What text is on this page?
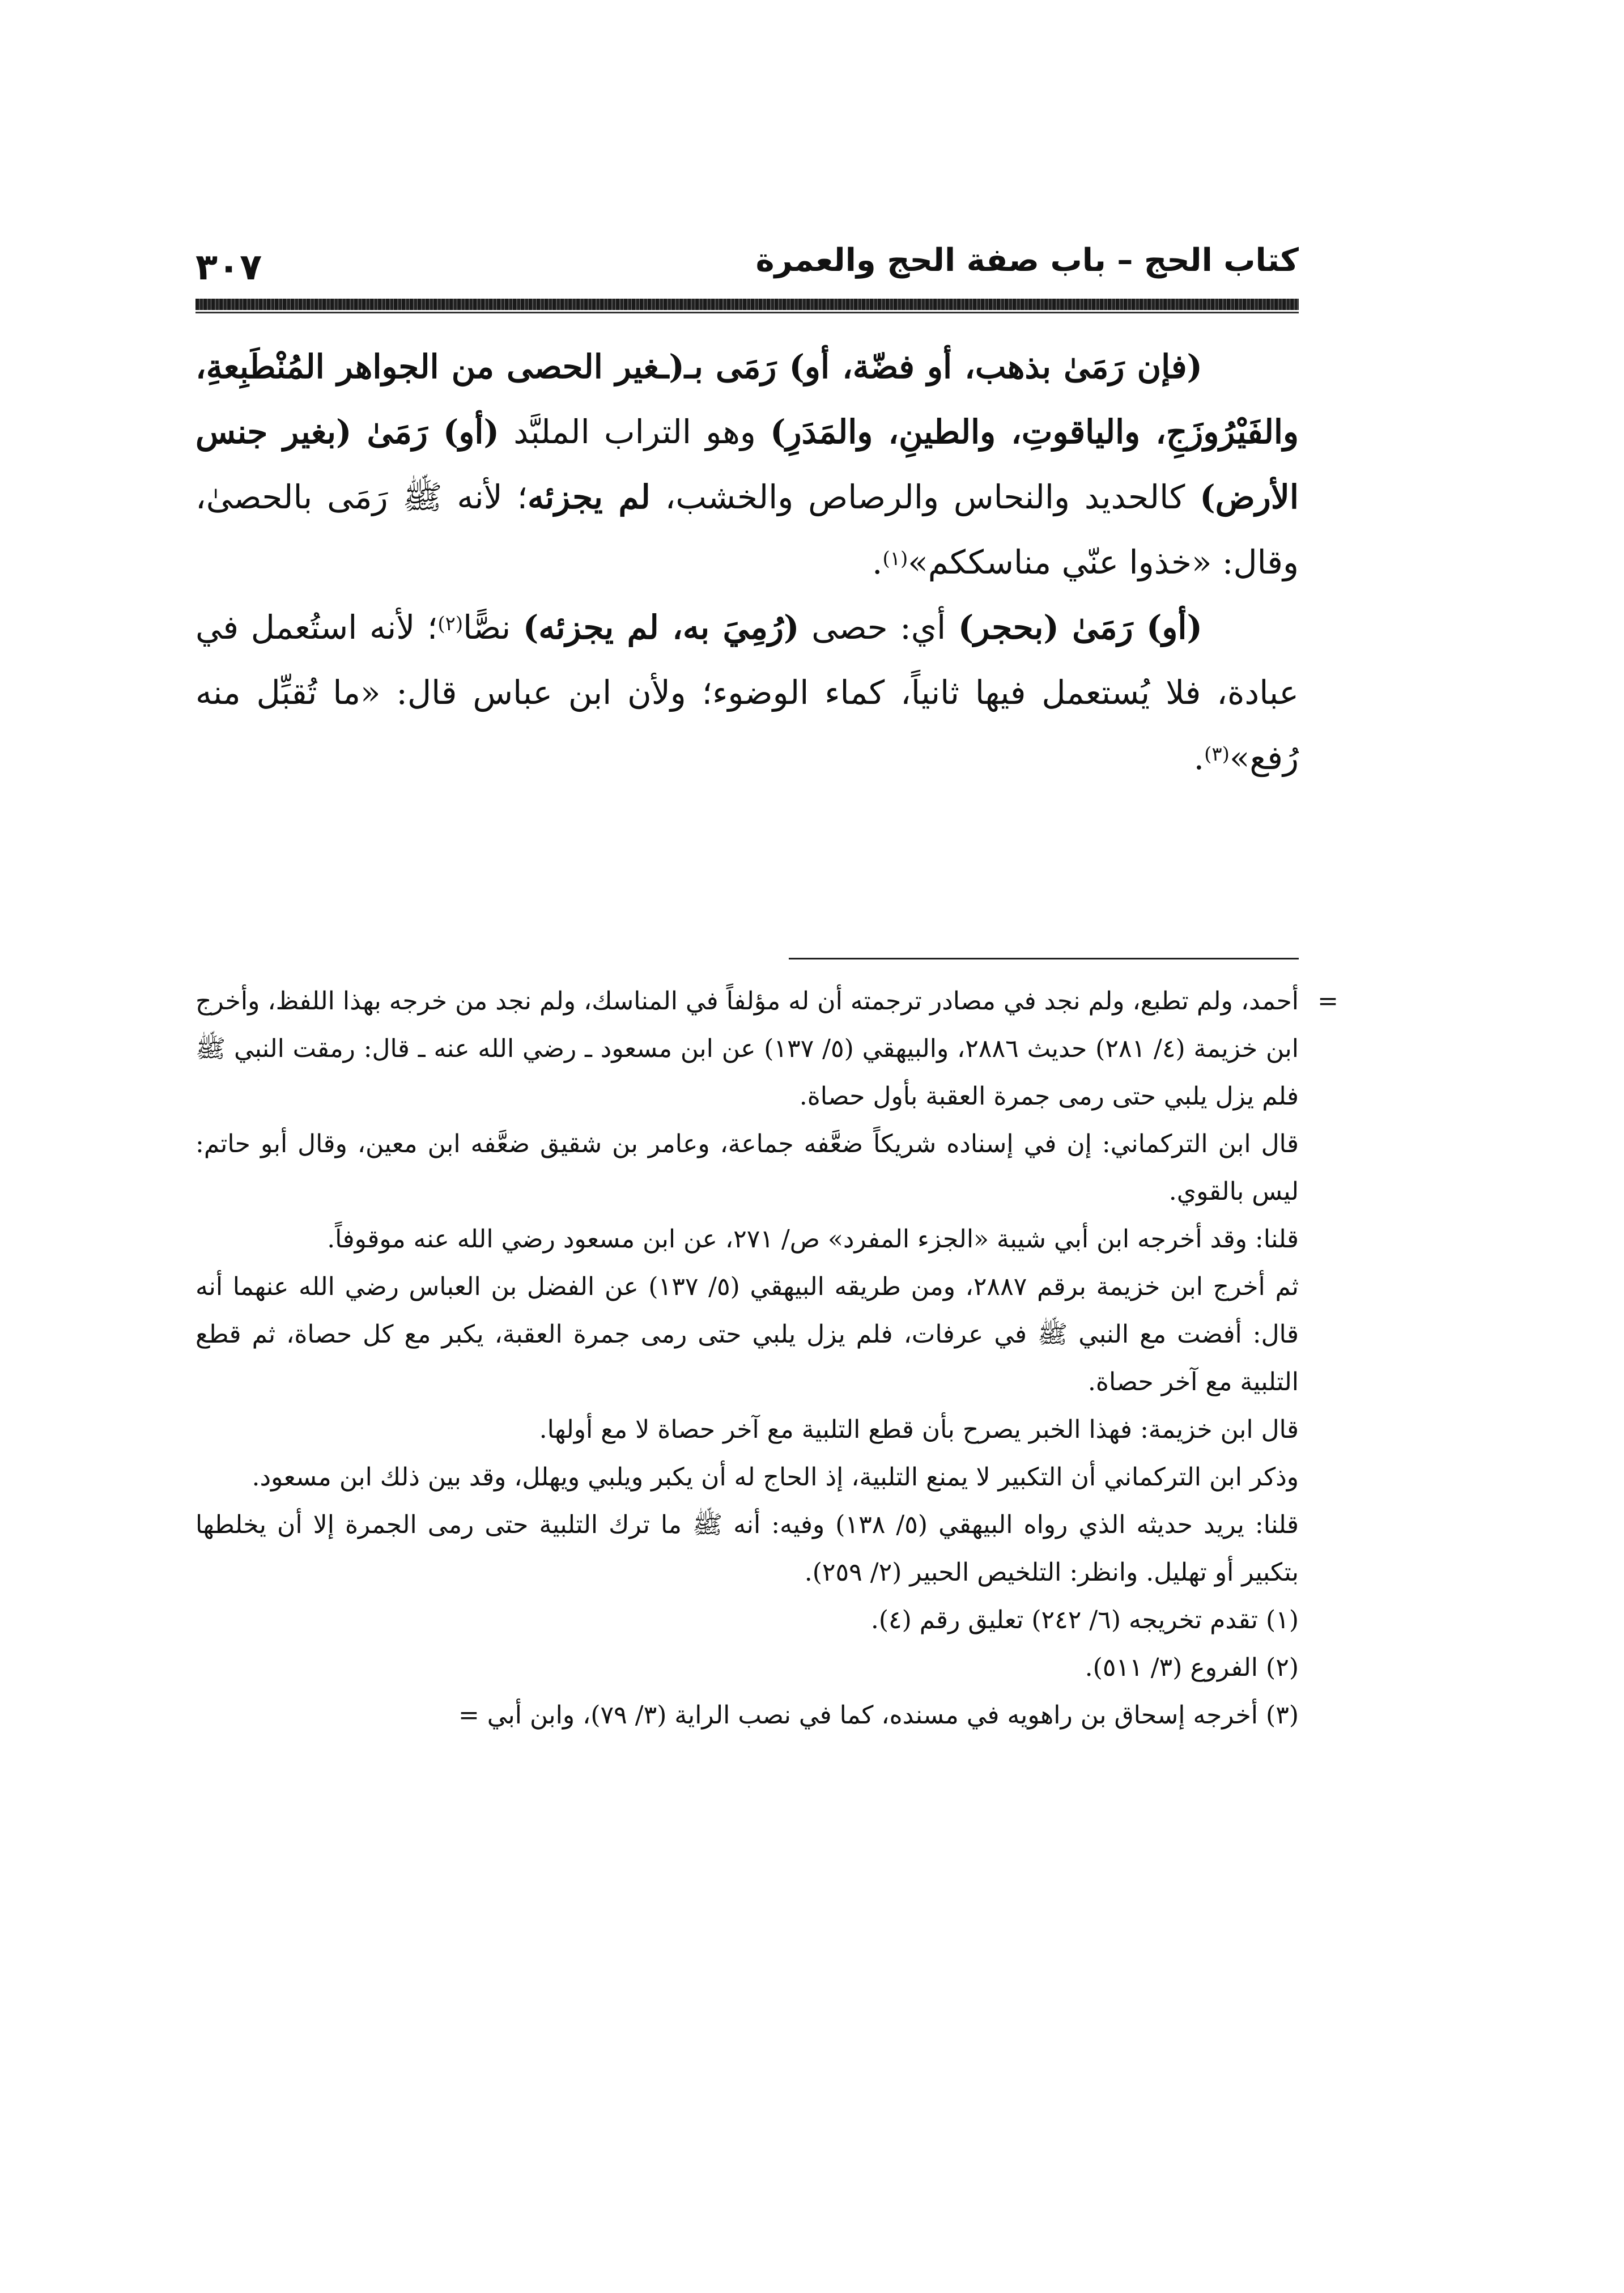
كتاب الحج – باب صفة الحج والعمرة
٣٠٧

(فإن رَمَىٰ بذهب، أو فضّة، أو) رَمَى بـ(ـغير الحصى من الجواهر المُنْطَبِعةِ، والفَيْرُوزَجِ، والياقوتِ، والطينِ، والمَدَرِ) وهو التراب الملبَّد (أو) رَمَىٰ (بغير جنس الأرض) كالحديد والنحاس والرصاص والخشب، لم يجزئه؛ لأنه ﷺ رَمَى بالحصىٰ، وقال: «خذوا عنّي مناسككم»$^{(١)}$.

(أو) رَمَىٰ (بحجر) أي: حصى (رُمِيَ به، لم يجزئه) نصًّا$^{(٢)}$؛ لأنه استُعمل في عبادة، فلا يُستعمل فيها ثانياً، كماء الوضوء؛ ولأن ابن عباس قال: «ما تُقبِّل منه رُفع»$^{(٣)}$.

=

أحمد، ولم تطبع، ولم نجد في مصادر ترجمته أن له مؤلفاً في المناسك، ولم نجد من خرجه بهذا اللفظ، وأخرج ابن خزيمة (٤/ ٢٨١) حديث ٢٨٨٦، والبيهقي (٥/ ١٣٧) عن ابن مسعود ـ رضي الله عنه ـ قال: رمقت النبي ﷺ فلم يزل يلبي حتى رمى جمرة العقبة بأول حصاة.

قال ابن التركماني: إن في إسناده شريكاً ضعَّفه جماعة، وعامر بن شقيق ضعَّفه ابن معين، وقال أبو حاتم: ليس بالقوي.

قلنا: وقد أخرجه ابن أبي شيبة «الجزء المفرد» ص/ ٢٧١، عن ابن مسعود رضي الله عنه موقوفاً.

ثم أخرج ابن خزيمة برقم ٢٨٨٧، ومن طريقه البيهقي (٥/ ١٣٧) عن الفضل بن العباس رضي الله عنهما أنه قال: أفضت مع النبي ﷺ في عرفات، فلم يزل يلبي حتى رمى جمرة العقبة، يكبر مع كل حصاة، ثم قطع التلبية مع آخر حصاة.

قال ابن خزيمة: فهذا الخبر يصرح بأن قطع التلبية مع آخر حصاة لا مع أولها.

وذكر ابن التركماني أن التكبير لا يمنع التلبية، إذ الحاج له أن يكبر ويلبي ويهلل، وقد بين ذلك ابن مسعود.

قلنا: يريد حديثه الذي رواه البيهقي (٥/ ١٣٨) وفيه: أنه ﷺ ما ترك التلبية حتى رمى الجمرة إلا أن يخلطها بتكبير أو تهليل. وانظر: التلخيص الحبير (٢/ ٢٥٩).

(١)تقدم تخريجه (٦/ ٢٤٢) تعليق رقم (٤).

(٢)الفروع (٣/ ٥١١).

(٣)أخرجه إسحاق بن راهويه في مسنده، كما في نصب الراية (٣/ ٧٩)، وابن أبي =
